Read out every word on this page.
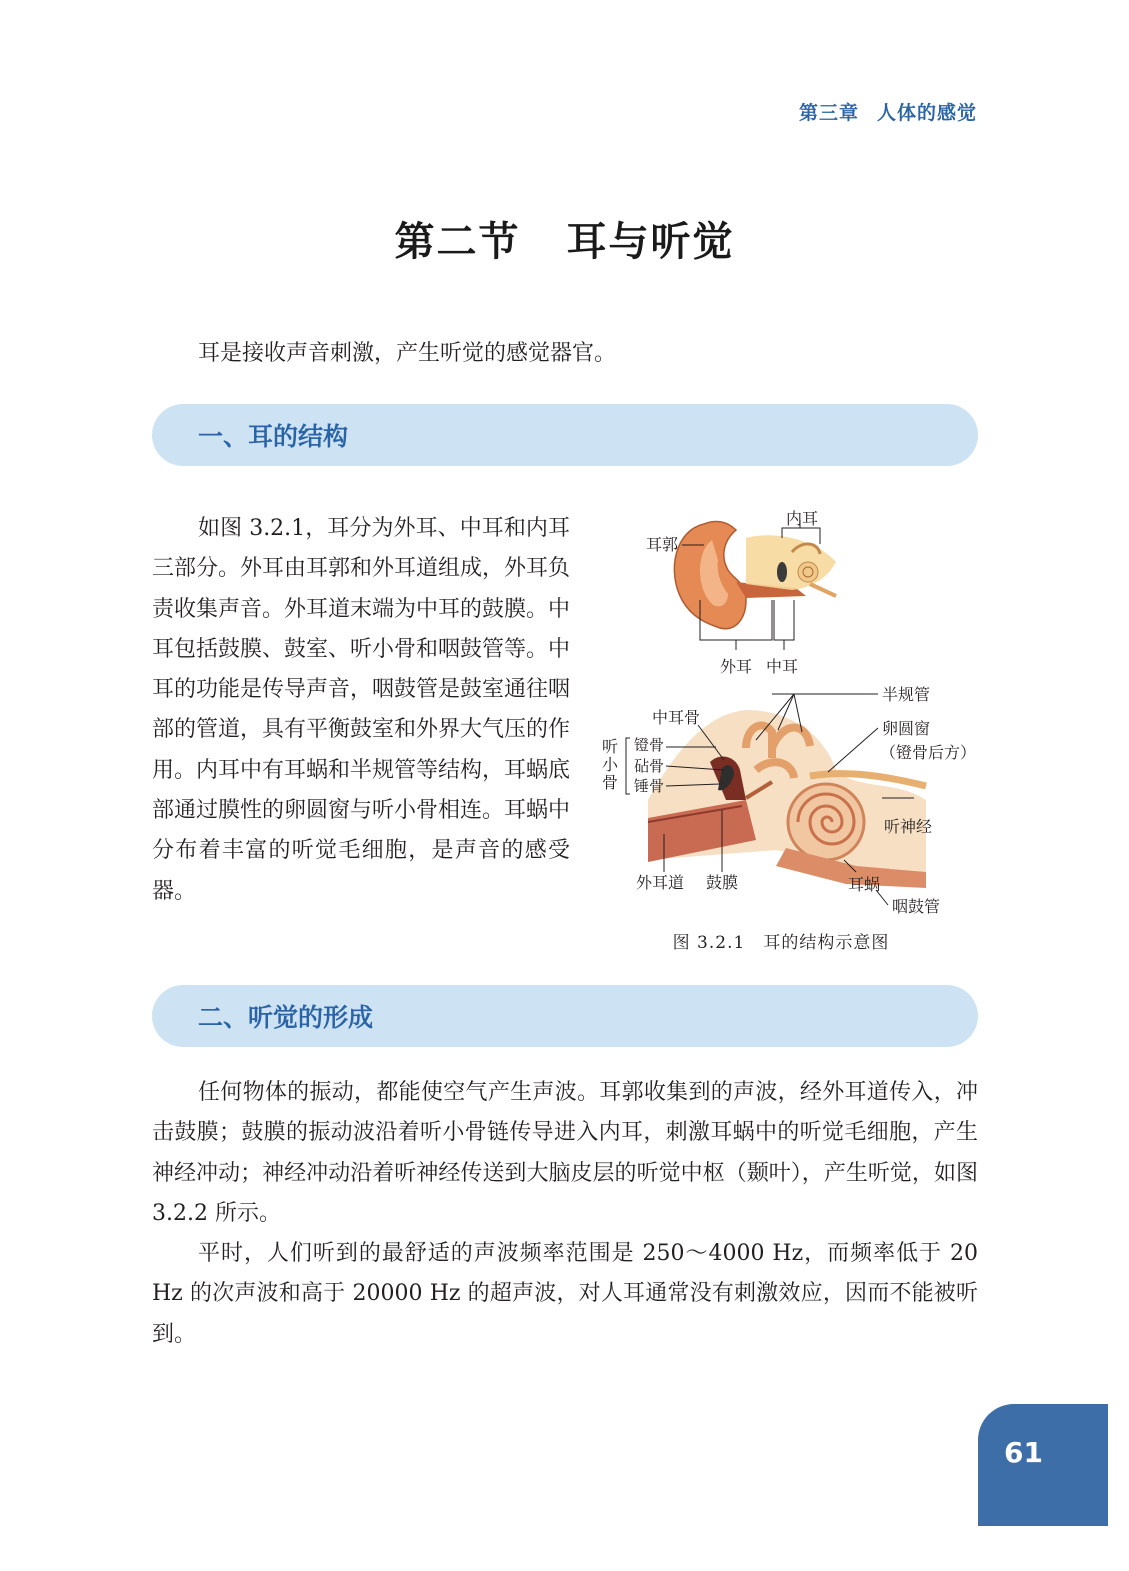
第三章 人体的感觉
第二节 耳与听觉

耳是接收声音刺激，产生听觉的感觉器官。

一、耳的结构

如图 3.2.1，耳分为外耳、中耳和内耳三部分。外耳由耳郭和外耳道组成，外耳负责收集声音。外耳道末端为中耳的鼓膜。中耳包括鼓膜、鼓室、听小骨和咽鼓管等。中耳的功能是传导声音，咽鼓管是鼓室通往咽部的管道，具有平衡鼓室和外界大气压的作用。内耳中有耳蜗和半规管等结构，耳蜗底部通过膜性的卵圆窗与听小骨相连。耳蜗中分布着丰富的听觉毛细胞，是声音的感受器。

耳郭
内耳
外耳 中耳
半规管
中耳骨
卵圆窗
（镫骨后方）
听小骨
镫骨
砧骨
锤骨
听神经
外耳道 鼓膜	耳蜗
咽鼓管
图 3.2.1　耳的结构示意图
二、听觉的形成

任何物体的振动，都能使空气产生声波。耳郭收集到的声波，经外耳道传入，冲击鼓膜；鼓膜的振动波沿着听小骨链传导进入内耳，刺激耳蜗中的听觉毛细胞，产生神经冲动；神经冲动沿着听神经传送到大脑皮层的听觉中枢（颞叶），产生听觉，如图 3.2.2 所示。

平时，人们听到的最舒适的声波频率范围是 250～4000 Hz，而频率低于 20 Hz 的次声波和高于 20000 Hz 的超声波，对人耳通常没有刺激效应，因而不能被听到。

61
